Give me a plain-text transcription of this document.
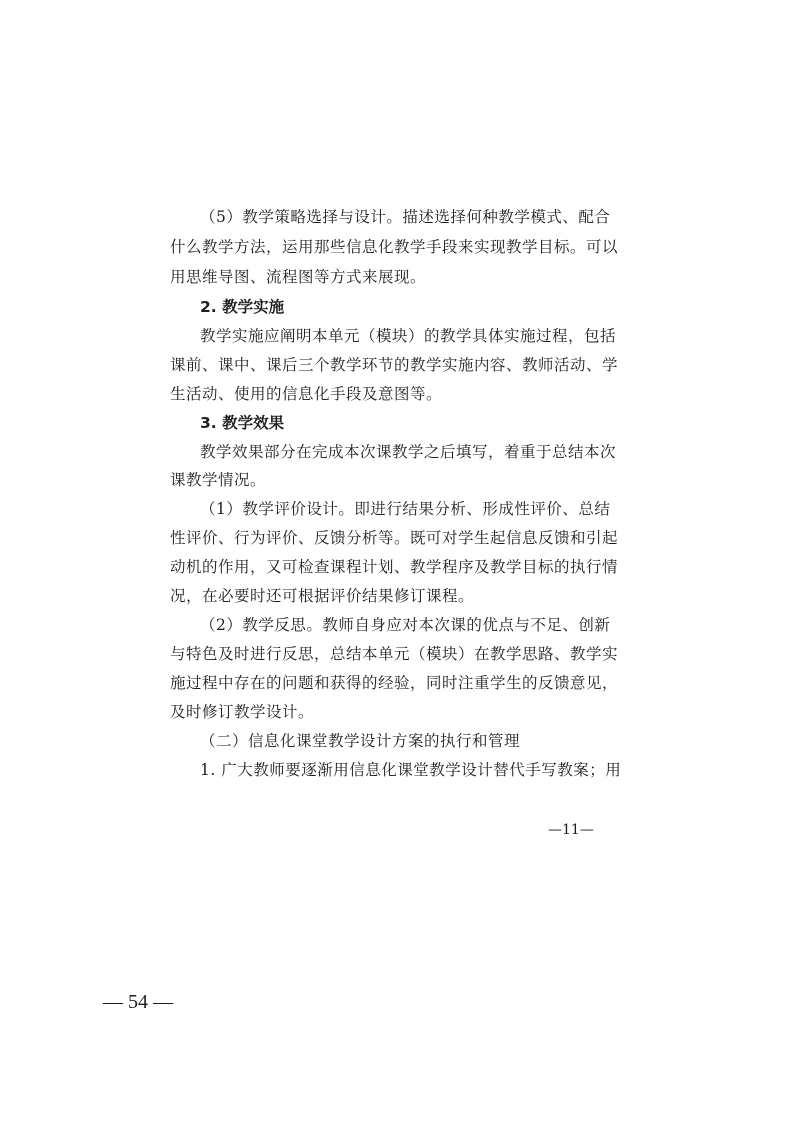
（5）教学策略选择与设计。描述选择何种教学模式、配合
什么教学方法，运用那些信息化教学手段来实现教学目标。可以
用思维导图、流程图等方式来展现。
2. 教学实施
教学实施应阐明本单元（模块）的教学具体实施过程，包括
课前、课中、课后三个教学环节的教学实施内容、教师活动、学
生活动、使用的信息化手段及意图等。
3. 教学效果
教学效果部分在完成本次课教学之后填写，着重于总结本次
课教学情况。
（1）教学评价设计。即进行结果分析、形成性评价、总结
性评价、行为评价、反馈分析等。既可对学生起信息反馈和引起
动机的作用，又可检查课程计划、教学程序及教学目标的执行情
况，在必要时还可根据评价结果修订课程。
（2）教学反思。教师自身应对本次课的优点与不足、创新
与特色及时进行反思，总结本单元（模块）在教学思路、教学实
施过程中存在的问题和获得的经验，同时注重学生的反馈意见，
及时修订教学设计。
（二）信息化课堂教学设计方案的执行和管理
1. 广大教师要逐渐用信息化课堂教学设计替代手写教案；用
—11—
— 54 —
